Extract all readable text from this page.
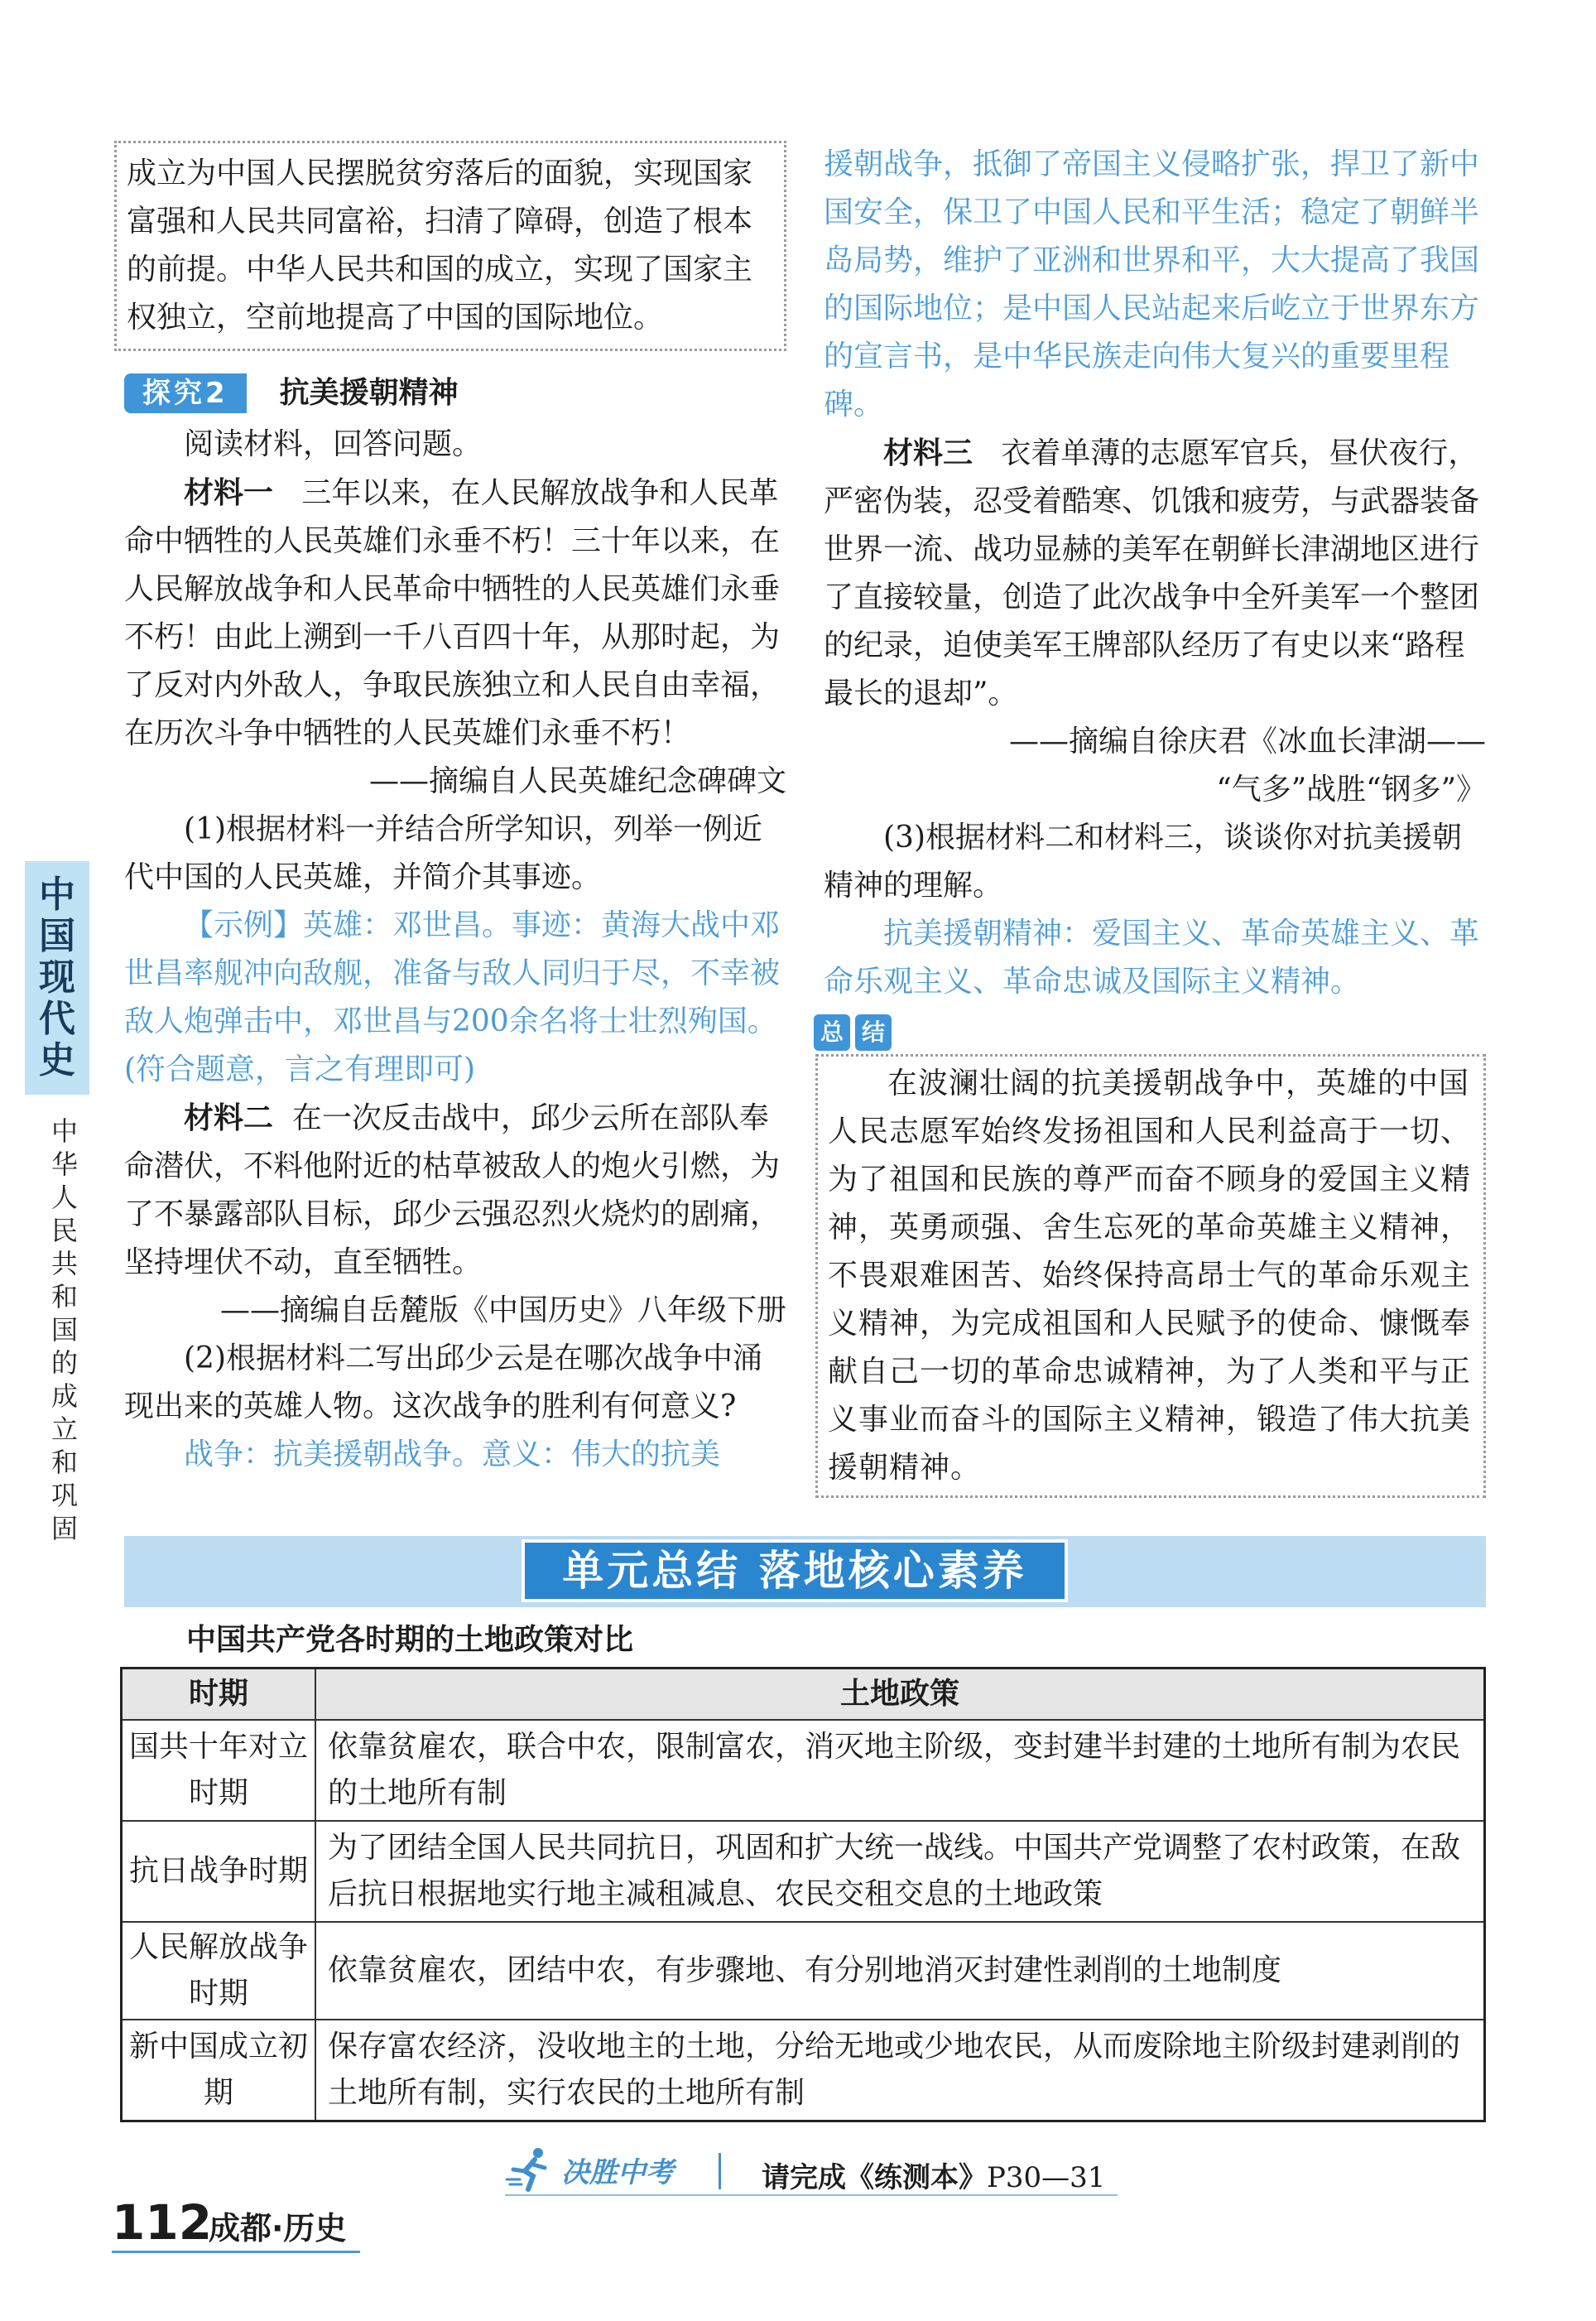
成立为中国人民摆脱贫穷落后的面貌，实现国家

富强和人民共同富裕，扫清了障碍，创造了根本

的前提。中华人民共和国的成立，实现了国家主

权独立，空前地提高了中国的国际地位。

探究2	抗美援朝精神

阅读材料，回答问题。

材料一 三年以来，在人民解放战争和人民革命中牺牲的人民英雄们永垂不朽！三十年以来，在人民解放战争和人民革命中牺牲的人民英雄们永垂不朽！由此上溯到一千八百四十年，从那时起，为了反对内外敌人，争取民族独立和人民自由幸福，在历次斗争中牺牲的人民英雄们永垂不朽！

——摘编自人民英雄纪念碑碑文

(1)根据材料一并结合所学知识，列举一例近代中国的人民英雄，并简介其事迹。

【示例】英雄：邓世昌。事迹：黄海大战中邓世昌率舰冲向敌舰，准备与敌人同归于尽，不幸被敌人炮弹击中，邓世昌与200余名将士壮烈殉国。(符合题意，言之有理即可)

材料二 在一次反击战中，邱少云所在部队奉命潜伏，不料他附近的枯草被敌人的炮火引燃，为了不暴露部队目标，邱少云强忍烈火烧灼的剧痛，坚持埋伏不动，直至牺牲。

——摘编自岳麓版《中国历史》八年级下册

(2)根据材料二写出邱少云是在哪次战争中涌现出来的英雄人物。这次战争的胜利有何意义?

战争：抗美援朝战争。意义：伟大的抗美

援朝战争，抵御了帝国主义侵略扩张，捍卫了新中国安全，保卫了中国人民和平生活；稳定了朝鲜半岛局势，维护了亚洲和世界和平，大大提高了我国的国际地位；是中国人民站起来后屹立于世界东方的宣言书，是中华民族走向伟大复兴的重要里程碑。

材料三 衣着单薄的志愿军官兵，昼伏夜行，严密伪装，忍受着酷寒、饥饿和疲劳，与武器装备世界一流、战功显赫的美军在朝鲜长津湖地区进行了直接较量，创造了此次战争中全歼美军一个整团的纪录，迫使美军王牌部队经历了有史以来“路程最长的退却”。

——摘编自徐庆君《冰血长津湖——

“气多”战胜“钢多”》

(3)根据材料二和材料三，谈谈你对抗美援朝精神的理解。

抗美援朝精神：爱国主义、革命英雄主义、革命乐观主义、革命忠诚及国际主义精神。

总 结

在波澜壮阔的抗美援朝战争中，英雄的中国人民志愿军始终发扬祖国和人民利益高于一切、为了祖国和民族的尊严而奋不顾身的爱国主义精神，英勇顽强、舍生忘死的革命英雄主义精神，不畏艰难困苦、始终保持高昂士气的革命乐观主义精神，为完成祖国和人民赋予的使命、慷慨奉献自己一切的革命忠诚精神，为了人类和平与正义事业而奋斗的国际主义精神，锻造了伟大抗美援朝精神。

中
国
现
代
史
中
华
人
民
共
和
国
的
成
立
和
巩
固
单元总结 落地核心素养
中国共产党各时期的土地政策对比
时期	土地政策
国共十年对立时期	依靠贫雇农，联合中农，限制富农，消灭地主阶级，变封建半封建的土地所有制为农民的土地所有制
抗日战争时期	为了团结全国人民共同抗日，巩固和扩大统一战线。中国共产党调整了农村政策，在敌后抗日根据地实行地主减租减息、农民交租交息的土地政策
人民解放战争时期	依靠贫雇农，团结中农，有步骤地、有分别地消灭封建性剥削的土地制度
新中国成立初期	保存富农经济，没收地主的土地，分给无地或少地农民，从而废除地主阶级封建剥削的土地所有制，实行农民的土地所有制
决胜中考	请完成《练测本》P30—31
112
成都·历史
